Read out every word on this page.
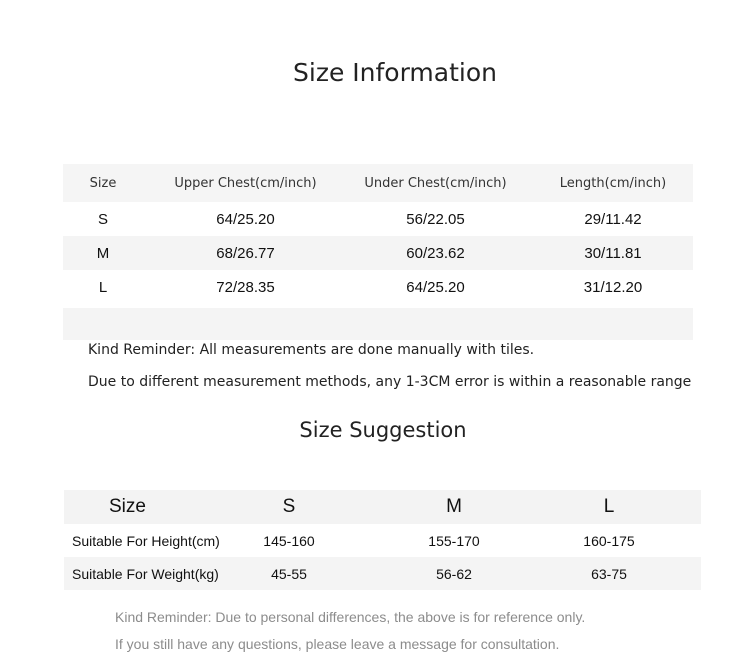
Size Information
Size	Upper Chest(cm/inch)	Under Chest(cm/inch)	Length(cm/inch)
S	64/25.20	56/22.05	29/11.42
M	68/26.77	60/23.62	30/11.81
L	72/28.35	64/25.20	31/12.20
Kind Reminder: All measurements are done manually with tiles.
Due to different measurement methods, any 1-3CM error is within a reasonable range
Size Suggestion
Size	S	M	L
Suitable For Height(cm)	145-160	155-170	160-175
Suitable For Weight(kg)	45-55	56-62	63-75
Kind Reminder: Due to personal differences, the above is for reference only.
If you still have any questions, please leave a message for consultation.
